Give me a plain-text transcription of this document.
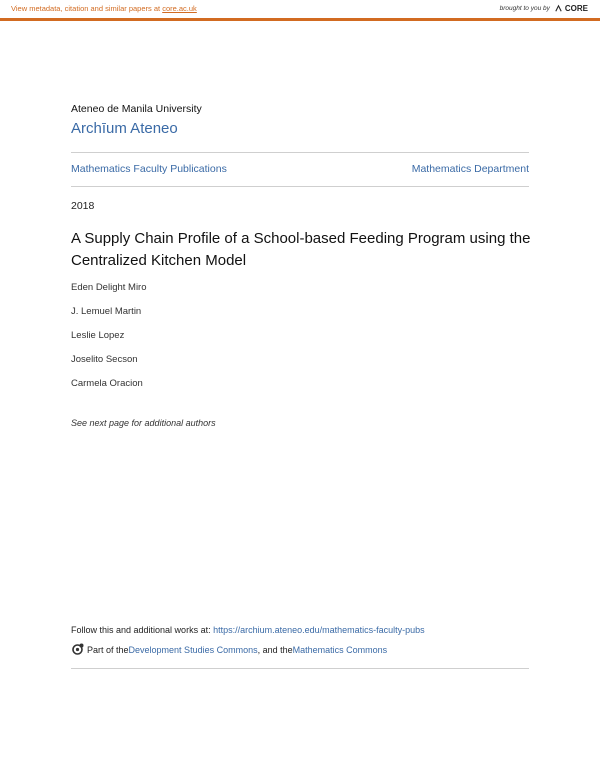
View metadata, citation and similar papers at core.ac.uk	brought to you by CORE
Ateneo de Manila University
Archīum Ateneo
Mathematics Faculty Publications	Mathematics Department
2018
A Supply Chain Profile of a School-based Feeding Program using the Centralized Kitchen Model
Eden Delight Miro
J. Lemuel Martin
Leslie Lopez
Joselito Secson
Carmela Oracion
See next page for additional authors
Follow this and additional works at: https://archium.ateneo.edu/mathematics-faculty-pubs
Part of the Development Studies Commons , and the Mathematics Commons
